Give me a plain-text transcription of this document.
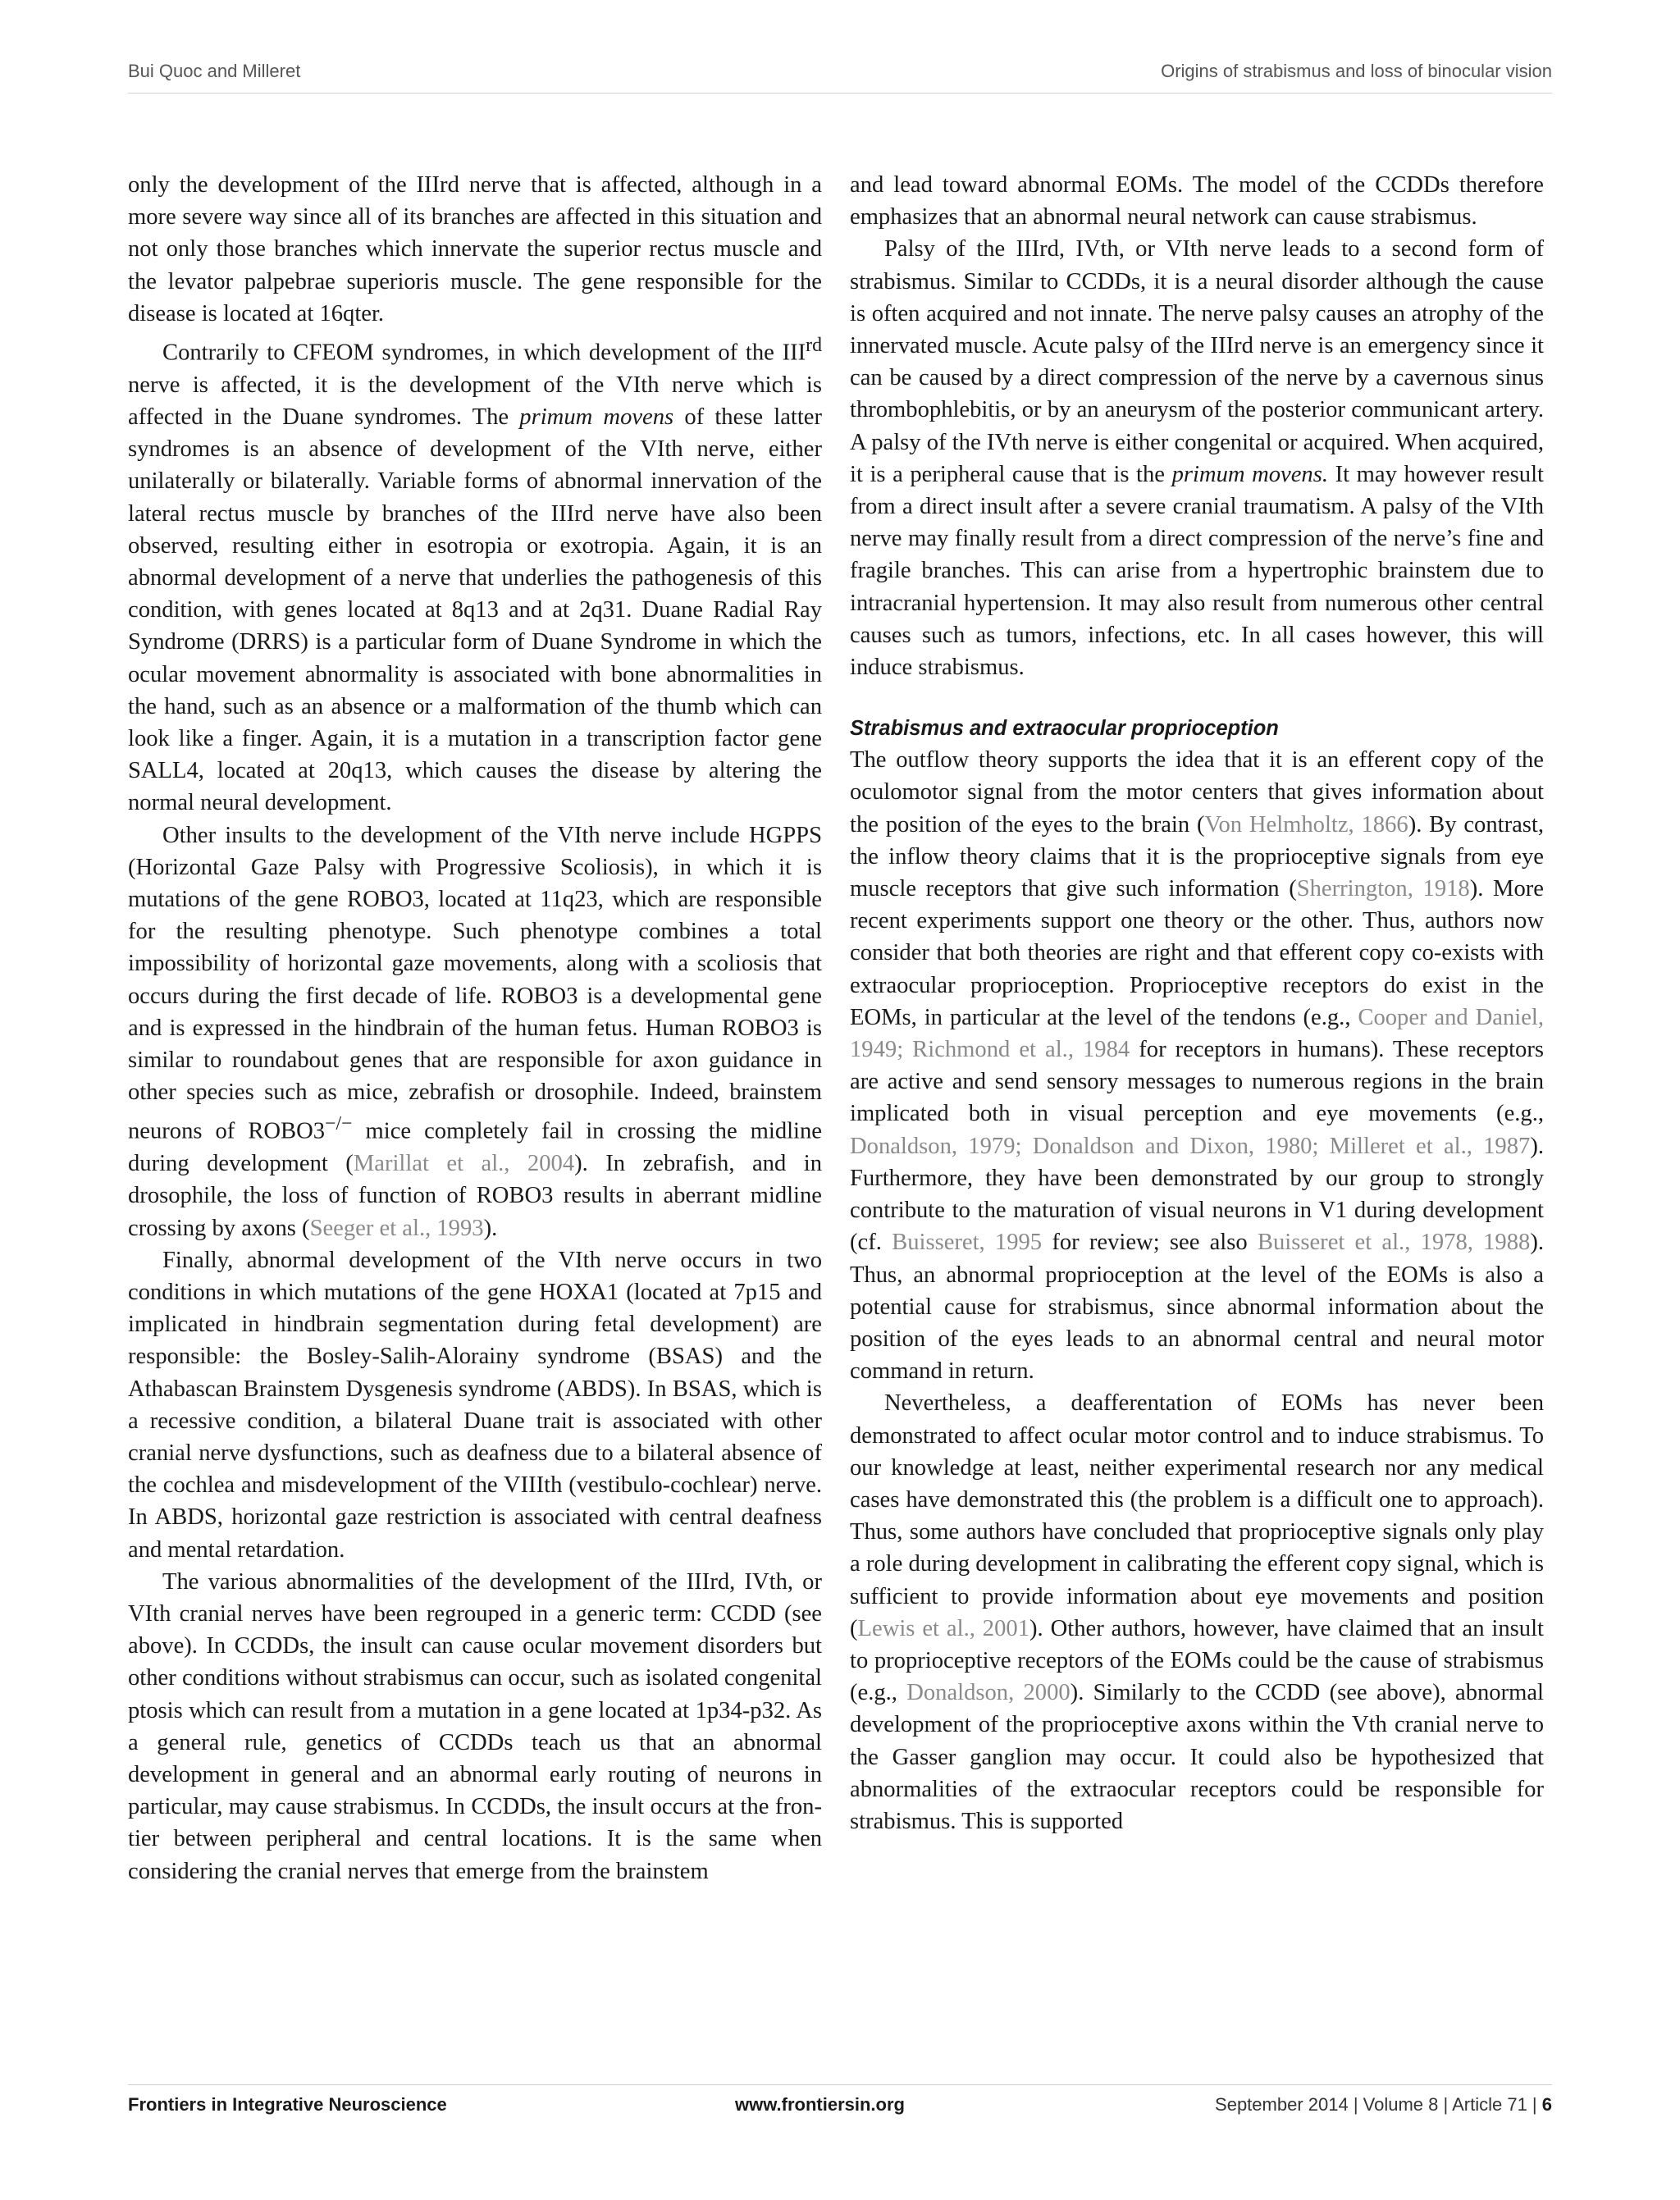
Bui Quoc and Milleret	Origins of strabismus and loss of binocular vision

only the development of the IIIrd nerve that is affected, although in a more severe way since all of its branches are affected in this situation and not only those branches which innervate the superior rectus muscle and the levator palpebrae superioris muscle. The gene responsible for the disease is located at 16qter.

Contrarily to CFEOM syndromes, in which development of the IIIrd nerve is affected, it is the development of the VIth nerve which is affected in the Duane syndromes. The primum movens of these latter syndromes is an absence of development of the VIth nerve, either unilaterally or bilaterally. Variable forms of abnormal innervation of the lateral rectus muscle by branches of the IIIrd nerve have also been observed, resulting either in esotropia or exotropia. Again, it is an abnormal development of a nerve that underlies the pathogenesis of this condition, with genes located at 8q13 and at 2q31. Duane Radial Ray Syndrome (DRRS) is a particular form of Duane Syndrome in which the ocular movement abnormality is associated with bone abnormalities in the hand, such as an absence or a malformation of the thumb which can look like a finger. Again, it is a mutation in a transcription factor gene SALL4, located at 20q13, which causes the disease by altering the normal neural development.

Other insults to the development of the VIth nerve include HGPPS (Horizontal Gaze Palsy with Progressive Scoliosis), in which it is mutations of the gene ROBO3, located at 11q23, which are responsible for the resulting phenotype. Such phenotype combines a total impossibility of horizontal gaze movements, along with a scoliosis that occurs during the first decade of life. ROBO3 is a developmental gene and is expressed in the hindbrain of the human fetus. Human ROBO3 is similar to roundabout genes that are responsible for axon guidance in other species such as mice, zebrafish or drosophile. Indeed, brainstem neurons of ROBO3−/− mice completely fail in crossing the midline during development (Marillat et al., 2004). In zebrafish, and in drosophile, the loss of function of ROBO3 results in aberrant midline crossing by axons (Seeger et al., 1993).

Finally, abnormal development of the VIth nerve occurs in two conditions in which mutations of the gene HOXA1 (located at 7p15 and implicated in hindbrain segmentation during fetal development) are responsible: the Bosley-Salih-Alorainy syndrome (BSAS) and the Athabascan Brainstem Dysgenesis syndrome (ABDS). In BSAS, which is a recessive condition, a bilateral Duane trait is associated with other cranial nerve dysfunctions, such as deafness due to a bilateral absence of the cochlea and misdevelopment of the VIIIth (vestibulo-cochlear) nerve. In ABDS, horizontal gaze restriction is associated with central deafness and mental retardation.

The various abnormalities of the development of the IIIrd, IVth, or VIth cranial nerves have been regrouped in a generic term: CCDD (see above). In CCDDs, the insult can cause ocular movement disorders but other conditions without strabismus can occur, such as isolated congenital ptosis which can result from a mutation in a gene located at 1p34-p32. As a general rule, genetics of CCDDs teach us that an abnormal development in general and an abnormal early routing of neurons in particular, may cause strabismus. In CCDDs, the insult occurs at the frontier between peripheral and central locations. It is the same when considering the cranial nerves that emerge from the brainstem

and lead toward abnormal EOMs. The model of the CCDDs therefore emphasizes that an abnormal neural network can cause strabismus.

Palsy of the IIIrd, IVth, or VIth nerve leads to a second form of strabismus. Similar to CCDDs, it is a neural disorder although the cause is often acquired and not innate. The nerve palsy causes an atrophy of the innervated muscle. Acute palsy of the IIIrd nerve is an emergency since it can be caused by a direct compression of the nerve by a cavernous sinus thrombophlebitis, or by an aneurysm of the posterior communicant artery. A palsy of the IVth nerve is either congenital or acquired. When acquired, it is a peripheral cause that is the primum movens. It may however result from a direct insult after a severe cranial traumatism. A palsy of the VIth nerve may finally result from a direct compression of the nerve’s fine and fragile branches. This can arise from a hypertrophic brainstem due to intracranial hypertension. It may also result from numerous other central causes such as tumors, infections, etc. In all cases however, this will induce strabismus.

Strabismus and extraocular proprioception

The outflow theory supports the idea that it is an efferent copy of the oculomotor signal from the motor centers that gives information about the position of the eyes to the brain (Von Helmholtz, 1866). By contrast, the inflow theory claims that it is the proprioceptive signals from eye muscle receptors that give such information (Sherrington, 1918). More recent experiments support one theory or the other. Thus, authors now consider that both theories are right and that efferent copy co-exists with extraocular proprioception. Proprioceptive receptors do exist in the EOMs, in particular at the level of the tendons (e.g., Cooper and Daniel, 1949; Richmond et al., 1984 for receptors in humans). These receptors are active and send sensory messages to numerous regions in the brain implicated both in visual perception and eye movements (e.g., Donaldson, 1979; Donaldson and Dixon, 1980; Milleret et al., 1987). Furthermore, they have been demonstrated by our group to strongly contribute to the maturation of visual neurons in V1 during development (cf. Buisseret, 1995 for review; see also Buisseret et al., 1978, 1988). Thus, an abnormal proprioception at the level of the EOMs is also a potential cause for strabismus, since abnormal information about the position of the eyes leads to an abnormal central and neural motor command in return.

Nevertheless, a deafferentation of EOMs has never been demonstrated to affect ocular motor control and to induce strabismus. To our knowledge at least, neither experimental research nor any medical cases have demonstrated this (the problem is a difficult one to approach). Thus, some authors have concluded that proprioceptive signals only play a role during development in calibrating the efferent copy signal, which is sufficient to provide information about eye movements and position (Lewis et al., 2001). Other authors, however, have claimed that an insult to proprioceptive receptors of the EOMs could be the cause of strabismus (e.g., Donaldson, 2000). Similarly to the CCDD (see above), abnormal development of the proprioceptive axons within the Vth cranial nerve to the Gasser ganglion may occur. It could also be hypothesized that abnormalities of the extraocular receptors could be responsible for strabismus. This is supported

Frontiers in Integrative Neuroscience	www.frontiersin.org	September 2014 | Volume 8 | Article 71 | 6
